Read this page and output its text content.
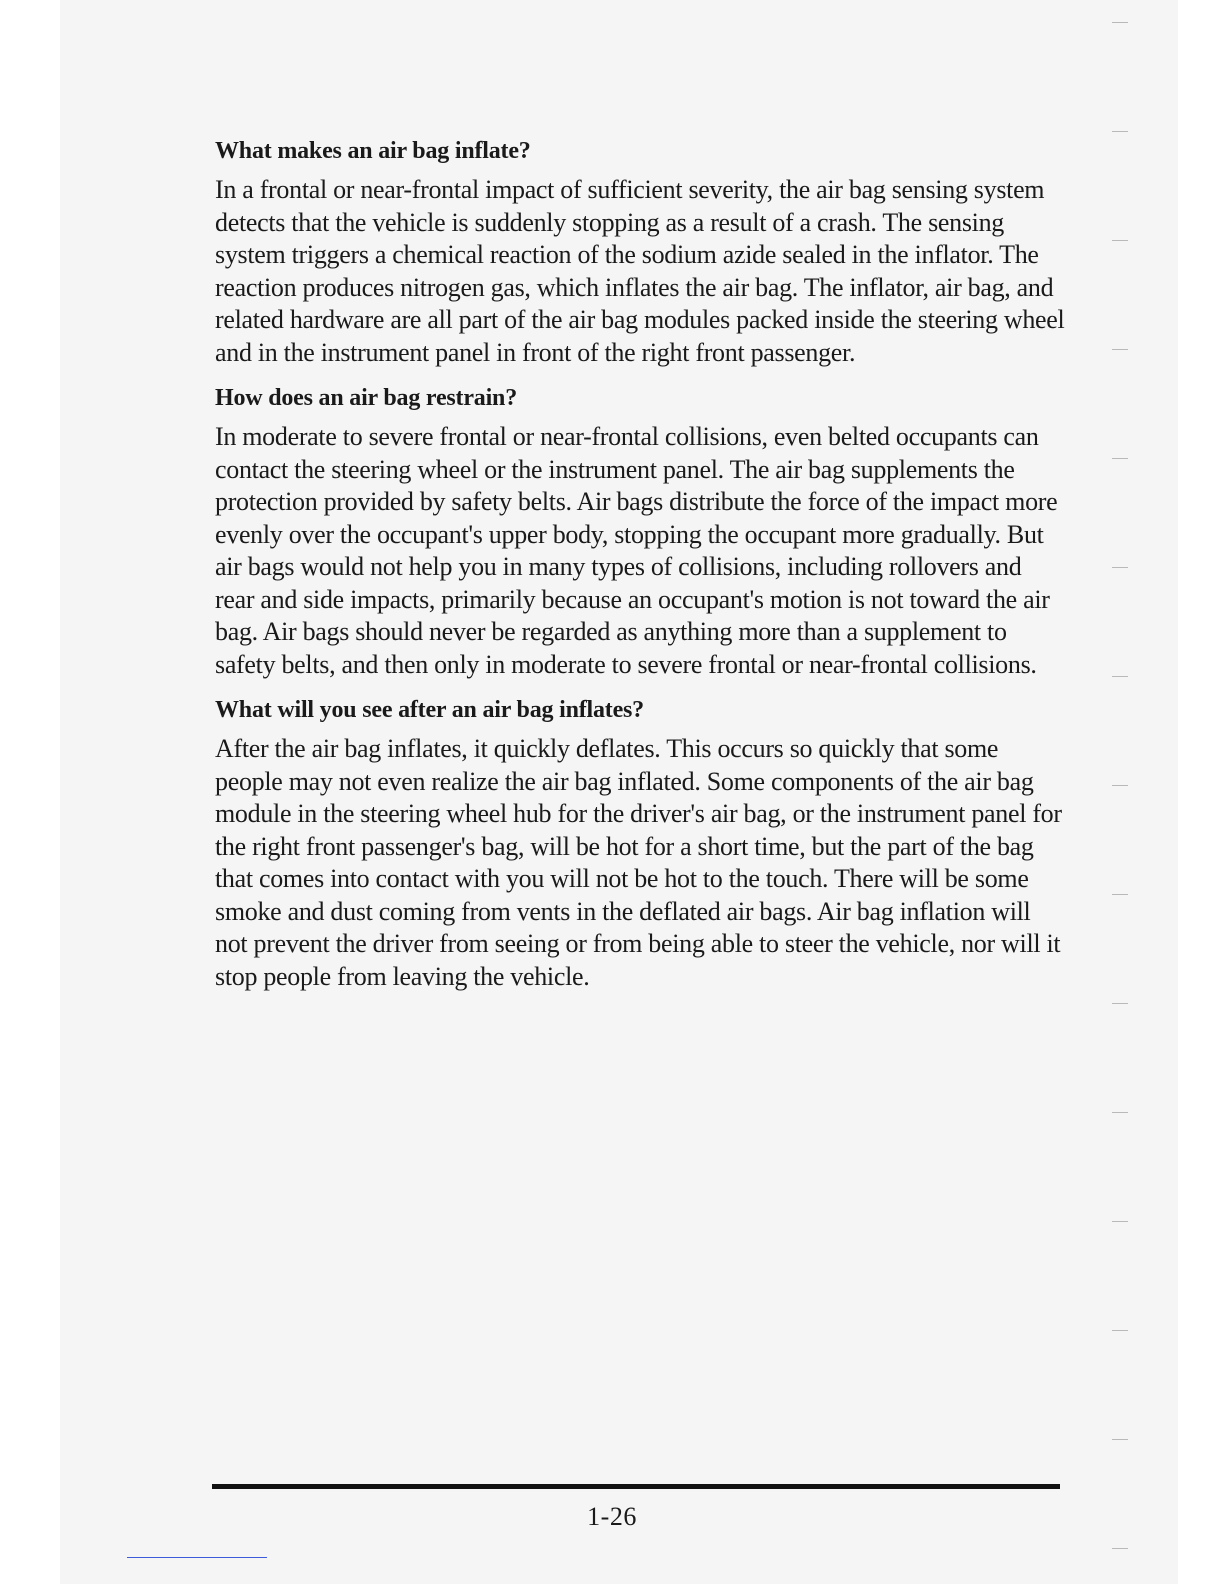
What makes an air bag inflate?

In a frontal or near-frontal impact of sufficient severity, the air bag sensing system detects that the vehicle is suddenly stopping as a result of a crash. The sensing system triggers a chemical reaction of the sodium azide sealed in the inflator. The reaction produces nitrogen gas, which inflates the air bag. The inflator, air bag, and related hardware are all part of the air bag modules packed inside the steering wheel and in the instrument panel in front of the right front passenger.

How does an air bag restrain?

In moderate to severe frontal or near-frontal collisions, even belted occupants can contact the steering wheel or the instrument panel. The air bag supplements the protection provided by safety belts. Air bags distribute the force of the impact more evenly over the occupant's upper body, stopping the occupant more gradually. But air bags would not help you in many types of collisions, including rollovers and rear and side impacts, primarily because an occupant's motion is not toward the air bag. Air bags should never be regarded as anything more than a supplement to safety belts, and then only in moderate to severe frontal or near-frontal collisions.

What will you see after an air bag inflates?

After the air bag inflates, it quickly deflates. This occurs so quickly that some people may not even realize the air bag inflated. Some components of the air bag module in the steering wheel hub for the driver's air bag, or the instrument panel for the right front passenger's bag, will be hot for a short time, but the part of the bag that comes into contact with you will not be hot to the touch. There will be some smoke and dust coming from vents in the deflated air bags. Air bag inflation will not prevent the driver from seeing or from being able to steer the vehicle, nor will it stop people from leaving the vehicle.

1-26
